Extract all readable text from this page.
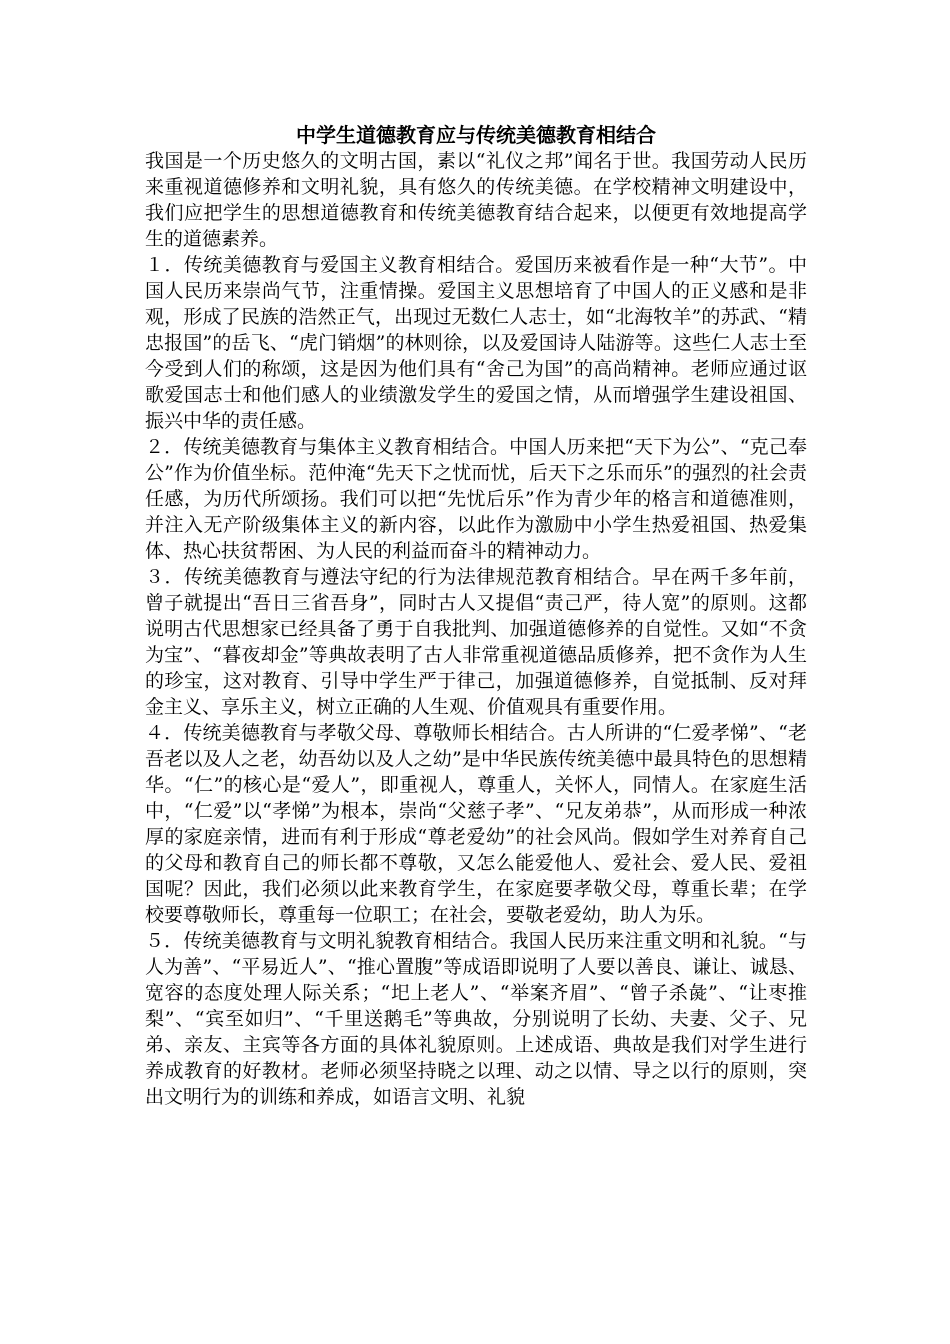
中学生道德教育应与传统美德教育相结合

我国是一个历史悠久的文明古国，素以“礼仪之邦”闻名于世。我国劳动人民历来重视道德修养和文明礼貌，具有悠久的传统美德。在学校精神文明建设中，我们应把学生的思想道德教育和传统美德教育结合起来，以便更有效地提高学生的道德素养。

１．传统美德教育与爱国主义教育相结合。爱国历来被看作是一种“大节”。中国人民历来崇尚气节，注重情操。爱国主义思想培育了中国人的正义感和是非观，形成了民族的浩然正气，出现过无数仁人志士，如“北海牧羊”的苏武、“精忠报国”的岳飞、“虎门销烟”的林则徐，以及爱国诗人陆游等。这些仁人志士至今受到人们的称颂，这是因为他们具有“舍己为国”的高尚精神。老师应通过讴歌爱国志士和他们感人的业绩激发学生的爱国之情，从而增强学生建设祖国、振兴中华的责任感。

２．传统美德教育与集体主义教育相结合。中国人历来把“天下为公”、“克己奉公”作为价值坐标。范仲淹“先天下之忧而忧，后天下之乐而乐”的强烈的社会责任感，为历代所颂扬。我们可以把“先忧后乐”作为青少年的格言和道德准则，并注入无产阶级集体主义的新内容，以此作为激励中小学生热爱祖国、热爱集体、热心扶贫帮困、为人民的利益而奋斗的精神动力。

３．传统美德教育与遵法守纪的行为法律规范教育相结合。早在两千多年前，曾子就提出“吾日三省吾身”，同时古人又提倡“责己严，待人宽”的原则。这都说明古代思想家已经具备了勇于自我批判、加强道德修养的自觉性。又如“不贪为宝”、“暮夜却金”等典故表明了古人非常重视道德品质修养，把不贪作为人生的珍宝，这对教育、引导中学生严于律己，加强道德修养，自觉抵制、反对拜金主义、享乐主义，树立正确的人生观、价值观具有重要作用。

４．传统美德教育与孝敬父母、尊敬师长相结合。古人所讲的“仁爱孝悌”、“老吾老以及人之老，幼吾幼以及人之幼”是中华民族传统美德中最具特色的思想精华。“仁”的核心是“爱人”，即重视人，尊重人，关怀人，同情人。在家庭生活中，“仁爱”以“孝悌”为根本，崇尚“父慈子孝”、“兄友弟恭”，从而形成一种浓厚的家庭亲情，进而有利于形成“尊老爱幼”的社会风尚。假如学生对养育自己的父母和教育自己的师长都不尊敬，又怎么能爱他人、爱社会、爱人民、爱祖国呢？因此，我们必须以此来教育学生，在家庭要孝敬父母，尊重长辈；在学校要尊敬师长，尊重每一位职工；在社会，要敬老爱幼，助人为乐。

５．传统美德教育与文明礼貌教育相结合。我国人民历来注重文明和礼貌。“与人为善”、“平易近人”、“推心置腹”等成语即说明了人要以善良、谦让、诚恳、宽容的态度处理人际关系；“圯上老人”、“举案齐眉”、“曾子杀彘”、“让枣推梨”、“宾至如归”、“千里送鹅毛”等典故，分别说明了长幼、夫妻、父子、兄弟、亲友、主宾等各方面的具体礼貌原则。上述成语、典故是我们对学生进行养成教育的好教材。老师必须坚持晓之以理、动之以情、导之以行的原则，突出文明行为的训练和养成，如语言文明、礼貌
